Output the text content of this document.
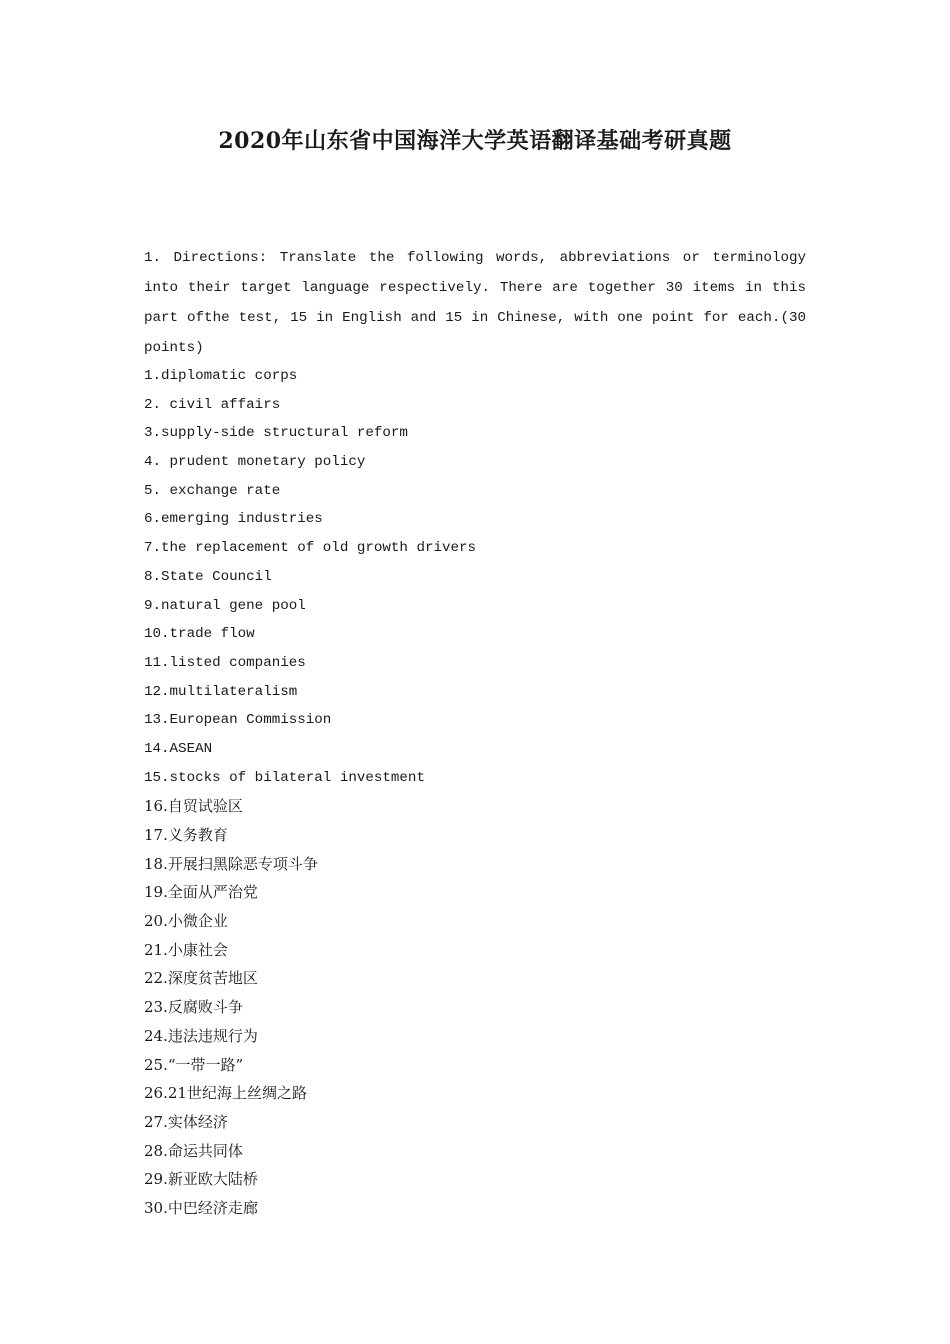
2020年山东省中国海洋大学英语翻译基础考研真题

1. Directions: Translate the following words, abbreviations or terminology into their target language respectively. There are together 30 items in this part ofthe test, 15 in English and 15 in Chinese, with one point for each.(30 points)

1.diplomatic corps
2. civil affairs
3.supply-side structural reform
4. prudent monetary policy
5. exchange rate
6.emerging industries
7.the replacement of old growth drivers
8.State Council
9.natural gene pool
10.trade flow
11.listed companies
12.multilateralism
13.European Commission
14.ASEAN
15.stocks of bilateral investment
16.自贸试验区
17.义务教育
18.开展扫黑除恶专项斗争
19.全面从严治党
20.小微企业
21.小康社会
22.深度贫苦地区
23.反腐败斗争
24.违法违规行为
25.“一带一路”
26.21世纪海上丝绸之路
27.实体经济
28.命运共同体
29.新亚欧大陆桥
30.中巴经济走廊
